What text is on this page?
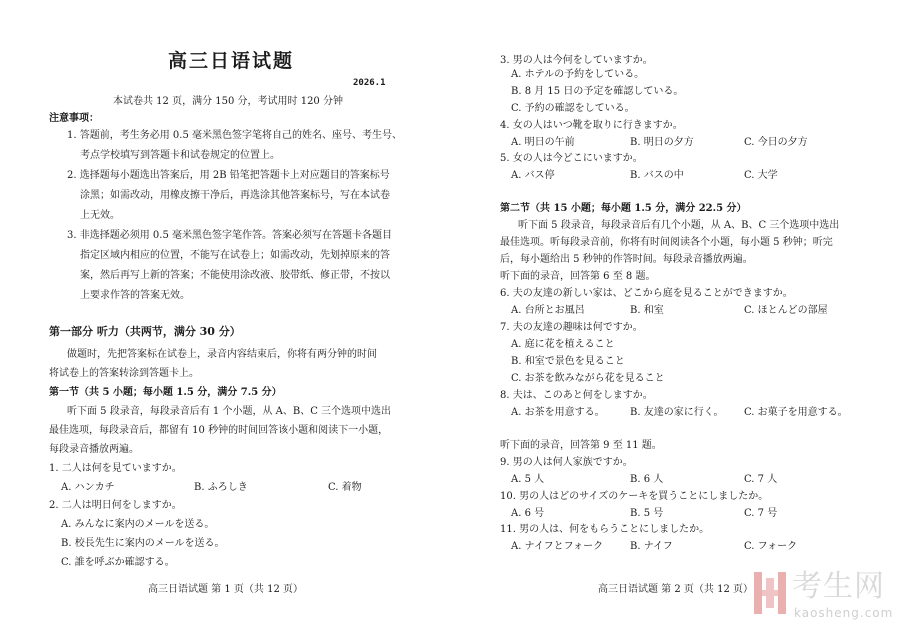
高三日语试题
2026.1
本试卷共 12 页，满分 150 分，考试用时 120 分钟
注意事项：
1. 答题前，考生务必用 0.5 毫米黑色签字笔将自己的姓名、座号、考生号、
考点学校填写到答题卡和试卷规定的位置上。
2. 选择题每小题选出答案后，用 2B 铅笔把答题卡上对应题目的答案标号
涂黑；如需改动，用橡皮擦干净后，再选涂其他答案标号，写在本试卷
上无效。
3. 非选择题必须用 0.5 毫米黑色签字笔作答。答案必须写在答题卡各题目
指定区域内相应的位置，不能写在试卷上；如需改动，先划掉原来的答
案，然后再写上新的答案；不能使用涂改液、胶带纸、修正带，不按以
上要求作答的答案无效。
第一部分 听力（共两节，满分 30 分）
做题时，先把答案标在试卷上，录音内容结束后，你将有两分钟的时间
将试卷上的答案转涂到答题卡上。
第一节（共 5 小题；每小题 1.5 分，满分 7.5 分）
听下面 5 段录音，每段录音后有 1 个小题，从 A、B、C 三个选项中选出
最佳选项，每段录音后，都留有 10 秒钟的时间回答该小题和阅读下一小题，
每段录音播放两遍。
1. 二人は何を見ていますか。
A. ハンカチ	B. ふろしき	C. 着物
2. 二人は明日何をしますか。
A. みんなに案内のメールを送る。
B. 校長先生に案内のメールを送る。
C. 誰を呼ぶか確認する。
高三日语试题 第 1 页（共 12 页）
3. 男の人は今何をしていますか。
A. ホテルの予約をしている。
B. 8 月 15 日の予定を確認している。
C. 予約の確認をしている。
4. 女の人はいつ靴を取りに行きますか。
A. 明日の午前	B. 明日の夕方	C. 今日の夕方
5. 女の人は今どこにいますか。
A. バス停	B. バスの中	C. 大学
第二节（共 15 小题；每小题 1.5 分，满分 22.5 分）
听下面 5 段录音，每段录音后有几个小题，从 A、B、C 三个选项中选出
最佳选项。听每段录音前，你将有时间阅读各个小题，每小题 5 秒钟；听完
后，每小题给出 5 秒钟的作答时间。每段录音播放两遍。
听下面的录音，回答第 6 至 8 题。
6. 夫の友達の新しい家は、どこから庭を見ることができますか。
A. 台所とお風呂	B. 和室	C. ほとんどの部屋
7. 夫の友達の趣味は何ですか。
A. 庭に花を植えること
B. 和室で景色を見ること
C. お茶を飲みながら花を見ること
8. 夫は、このあと何をしますか。
A. お茶を用意する。	B. 友達の家に行く。 C. お菓子を用意する。
听下面的录音，回答第 9 至 11 题。
9. 男の人は何人家族ですか。
A. 5 人	B. 6 人	C. 7 人
10. 男の人はどのサイズのケーキを買うことにしましたか。
A. 6 号	B. 5 号	C. 7 号
11. 男の人は、何をもらうことにしましたか。
A. ナイフとフォーク	B. ナイフ	C. フォーク
高三日语试题 第 2 页（共 12 页） 考生网
kaosheng.com
